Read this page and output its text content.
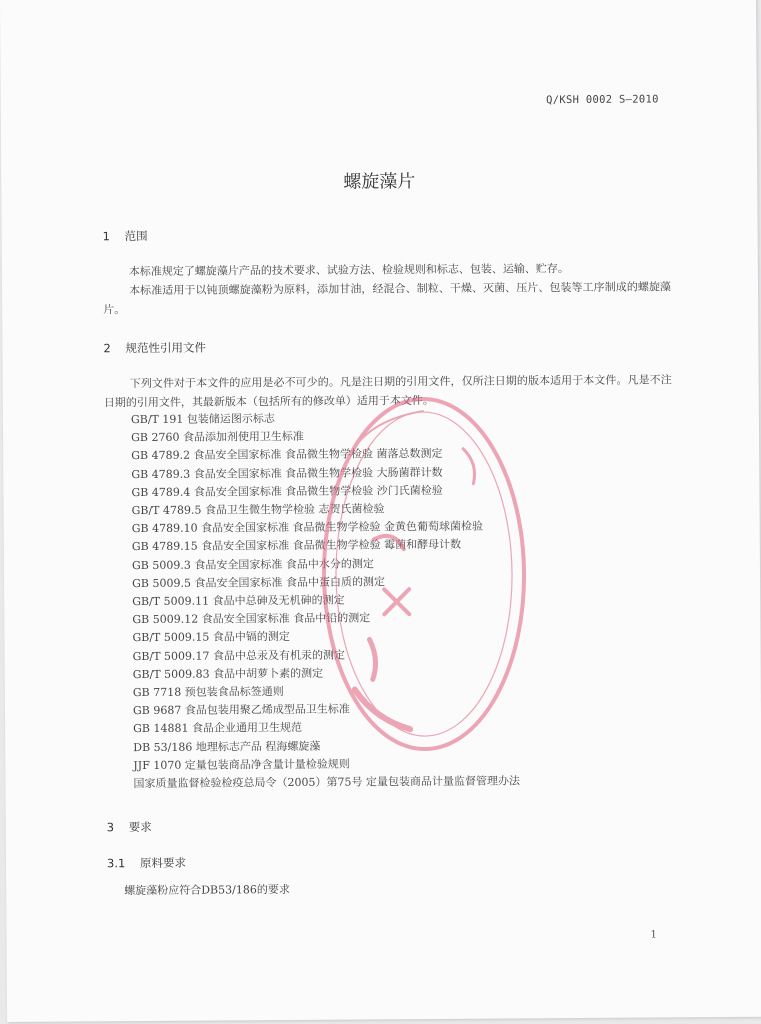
Q/KSH 0002 S—2010
螺旋藻片
1 范围
本标准规定了螺旋藻片产品的技术要求、试验方法、检验规则和标志、包装、运输、贮存。
本标准适用于以钝顶螺旋藻粉为原料，添加甘油，经混合、制粒、干燥、灭菌、压片、包装等工序制成的螺旋藻片。
2 规范性引用文件
下列文件对于本文件的应用是必不可少的。凡是注日期的引用文件，仅所注日期的版本适用于本文件。凡是不注日期的引用文件，其最新版本（包括所有的修改单）适用于本文件。
GB/T 191 包装储运图示标志
GB 2760 食品添加剂使用卫生标准
GB 4789.2 食品安全国家标准 食品微生物学检验 菌落总数测定
GB 4789.3 食品安全国家标准 食品微生物学检验 大肠菌群计数
GB 4789.4 食品安全国家标准 食品微生物学检验 沙门氏菌检验
GB/T 4789.5 食品卫生微生物学检验 志贺氏菌检验
GB 4789.10 食品安全国家标准 食品微生物学检验 金黄色葡萄球菌检验
GB 4789.15 食品安全国家标准 食品微生物学检验 霉菌和酵母计数
GB 5009.3 食品安全国家标准 食品中水分的测定
GB 5009.5 食品安全国家标准 食品中蛋白质的测定
GB/T 5009.11 食品中总砷及无机砷的测定
GB 5009.12 食品安全国家标准 食品中铅的测定
GB/T 5009.15 食品中镉的测定
GB/T 5009.17 食品中总汞及有机汞的测定
GB/T 5009.83 食品中胡萝卜素的测定
GB 7718 预包装食品标签通则
GB 9687 食品包装用聚乙烯成型品卫生标准
GB 14881 食品企业通用卫生规范
DB 53/186 地理标志产品 程海螺旋藻
JJF 1070 定量包装商品净含量计量检验规则
国家质量监督检验检疫总局令（2005）第75号 定量包装商品计量监督管理办法
3 要求
3.1 原料要求
螺旋藻粉应符合DB53/186的要求
1
